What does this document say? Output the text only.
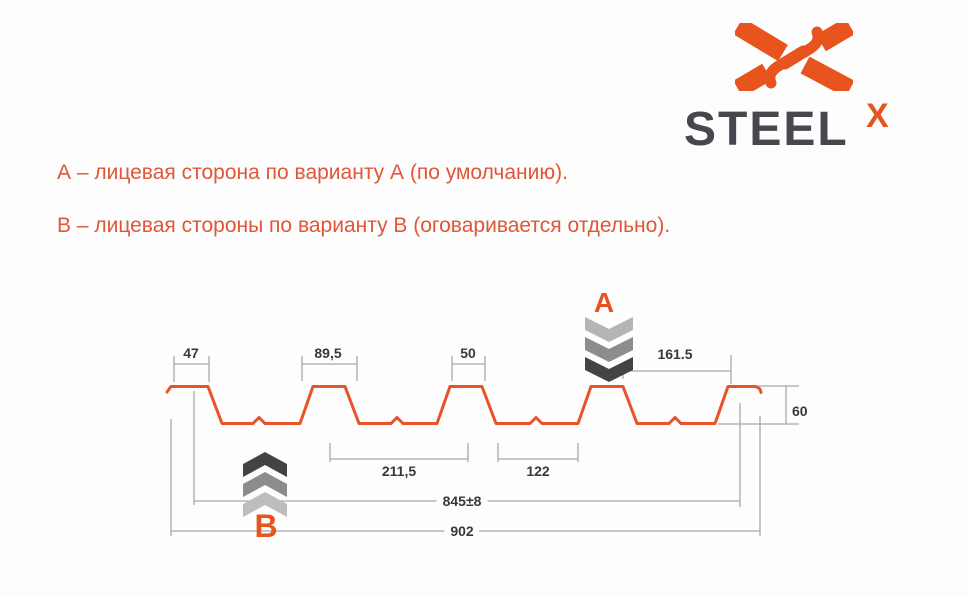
STEEL X
А – лицевая сторона по варианту А (по умолчанию).
В – лицевая стороны по варианту В (оговаривается отдельно).
47	89,5	50	161.5
60
211,5	122
845±8
902
A
B
